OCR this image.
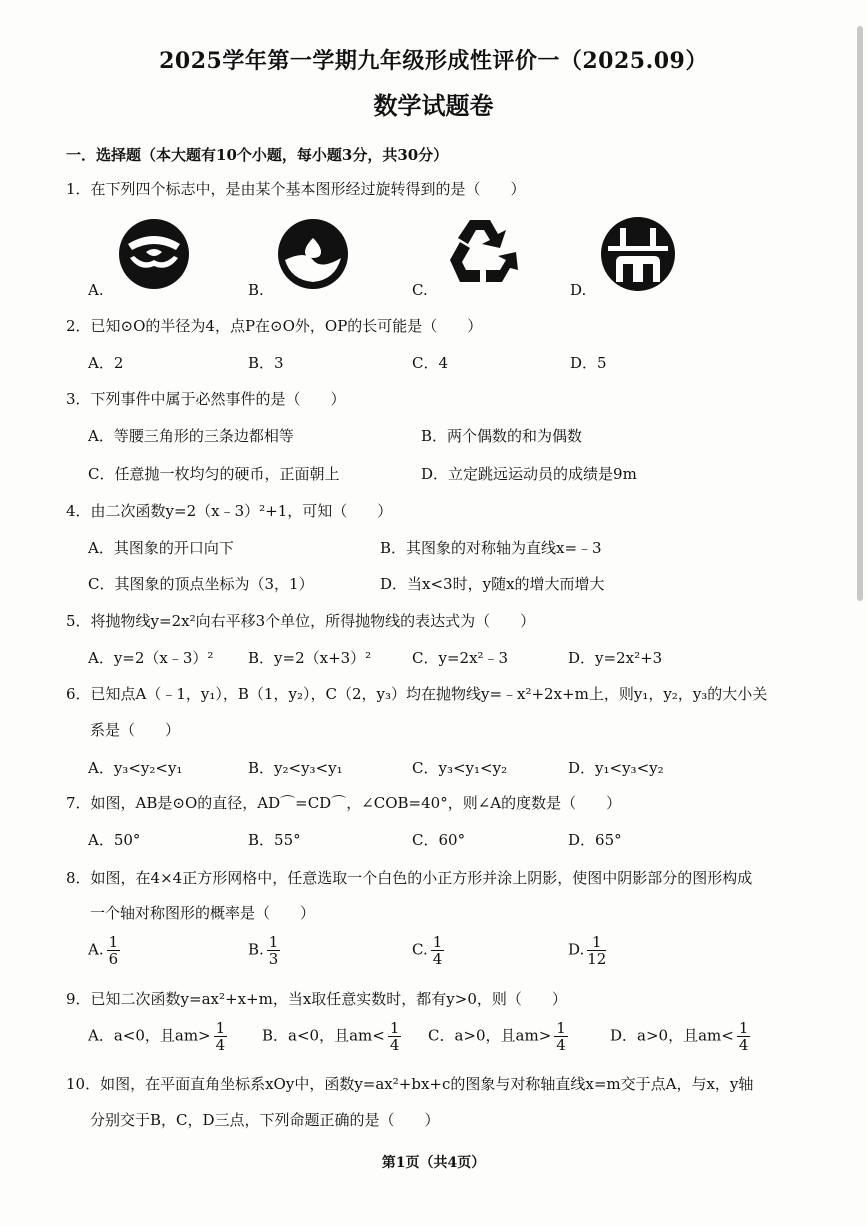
2025学年第一学期九年级形成性评价一（2025.09）
数学试题卷
一．选择题（本大题有10个小题，每小题3分，共30分）
1．在下列四个标志中，是由某个基本图形经过旋转得到的是（　　）
A.	B.	C.	D.
2．已知⊙O的半径为4，点P在⊙O外，OP的长可能是（　　）
A．2	B．3	C．4	D．5
3．下列事件中属于必然事件的是（　　）
A．等腰三角形的三条边都相等	B．两个偶数的和为偶数
C．任意抛一枚均匀的硬币，正面朝上	D．立定跳远运动员的成绩是9m
4．由二次函数y=2（x﹣3）²+1，可知（　　）
A．其图象的开口向下	B．其图象的对称轴为直线x=﹣3
C．其图象的顶点坐标为（3，1）	D．当x<3时，y随x的增大而增大
5．将抛物线y=2x²向右平移3个单位，所得抛物线的表达式为（　　）
A．y=2（x﹣3）² B．y=2（x+3）²	C．y=2x²﹣3	D．y=2x²+3
6．已知点A（﹣1，y₁），B（1，y₂），C（2，y₃）均在抛物线y=﹣x²+2x+m上，则y₁，y₂，y₃的大小关
系是（　　）
A．y₃<y₂<y₁	B．y₂<y₃<y₁	C．y₃<y₁<y₂	D．y₁<y₃<y₂
7．如图，AB是⊙O的直径，AD⌒=CD⌒，∠COB=40°，则∠A的度数是（　　）
A．50°	B．55°	C．60°	D．65°
8．如图，在4×4正方形网格中，任意选取一个白色的小正方形并涂上阴影，使图中阴影部分的图形构成
一个轴对称图形的概率是（　　）
A. $\frac{1}{6}$	B. $\frac{1}{3}$	C. $\frac{1}{4}$	D. $\frac{1}{12}$
9．已知二次函数y=ax²+x+m，当x取任意实数时，都有y>0，则（　　）
A．a<0，且$am> \frac{1}{4}$ B．a<0，且$am< \frac{1}{4}$ C．a>0，且$am> \frac{1}{4}$	D．a>0，且$am< \frac{1}{4}$
10．如图，在平面直角坐标系xOy中，函数y=ax²+bx+c的图象与对称轴直线x=m交于点A，与x，y轴
分别交于B，C，D三点，下列命题正确的是（　　）
第1页（共4页）
